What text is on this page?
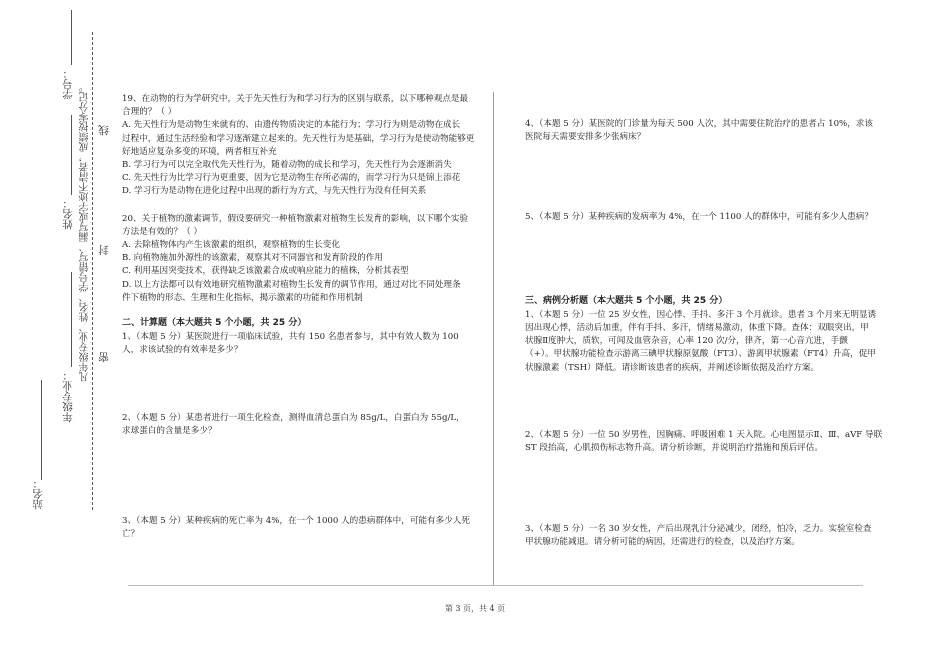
学号：
姓名：
年级专业：
站名：
凡年级专业、姓名、学号错写、漏写或字迹不清者，成绩按零分记。 密
封
线
19、在动物的行为学研究中，关于先天性行为和学习行为的区别与联系，以下哪种观点是最
合理的？（ ）
A. 先天性行为是动物生来就有的、由遗传物质决定的本能行为；学习行为则是动物在成长
过程中，通过生活经验和学习逐渐建立起来的。先天性行为是基础，学习行为是使动物能够更
好地适应复杂多变的环境，两者相互补充
B. 学习行为可以完全取代先天性行为，随着动物的成长和学习，先天性行为会逐渐消失
C. 先天性行为比学习行为更重要，因为它是动物生存所必需的，而学习行为只是锦上添花
D. 学习行为是动物在进化过程中出现的新行为方式，与先天性行为没有任何关系
20、关于植物的激素调节，假设要研究一种植物激素对植物生长发育的影响，以下哪个实验
方法是有效的？（ ）
A. 去除植物体内产生该激素的组织，观察植物的生长变化
B. 向植物施加外源性的该激素，观察其对不同器官和发育阶段的作用
C. 利用基因突变技术，获得缺乏该激素合成或响应能力的植株，分析其表型
D. 以上方法都可以有效地研究植物激素对植物生长发育的调节作用，通过对比不同处理条
件下植物的形态、生理和生化指标，揭示激素的功能和作用机制
二、计算题（本大题共 5 个小题，共 25 分）
1、（本题 5 分）某医院进行一项临床试验，共有 150 名患者参与，其中有效人数为 100
人，求该试验的有效率是多少？
2、（本题 5 分）某患者进行一项生化检查，测得血清总蛋白为 85g/L，白蛋白为 55g/L，
求球蛋白的含量是多少？
3、（本题 5 分）某种疾病的死亡率为 4%，在一个 1000 人的患病群体中，可能有多少人死
亡？
4、（本题 5 分）某医院的门诊量为每天 500 人次，其中需要住院治疗的患者占 10%，求该
医院每天需要安排多少张病床？
5、（本题 5 分）某种疾病的发病率为 4%，在一个 1100 人的群体中，可能有多少人患病？
三、病例分析题（本大题共 5 个小题，共 25 分）
1、（本题 5 分）一位 25 岁女性，因心悸、手抖、多汗 3 个月就诊。患者 3 个月来无明显诱
因出现心悸，活动后加重，伴有手抖、多汗，情绪易激动，体重下降。查体：双眼突出，甲
状腺Ⅱ度肿大，质软，可闻及血管杂音，心率 120 次/分，律齐，第一心音亢进，手颤
（+）。甲状腺功能检查示游离三碘甲状腺原氨酸（FT3）、游离甲状腺素（FT4）升高，促甲
状腺激素（TSH）降低。请诊断该患者的疾病，并阐述诊断依据及治疗方案。
2、（本题 5 分）一位 50 岁男性，因胸痛、呼吸困难 1 天入院。心电图显示Ⅱ、Ⅲ、aVF 导联
ST 段抬高，心肌损伤标志物升高。请分析诊断，并说明治疗措施和预后评估。
3、（本题 5 分）一名 30 岁女性，产后出现乳汁分泌减少，闭经，怕冷，乏力。实验室检查
甲状腺功能减退。请分析可能的病因，还需进行的检查，以及治疗方案。
第 3 页，共 4 页
